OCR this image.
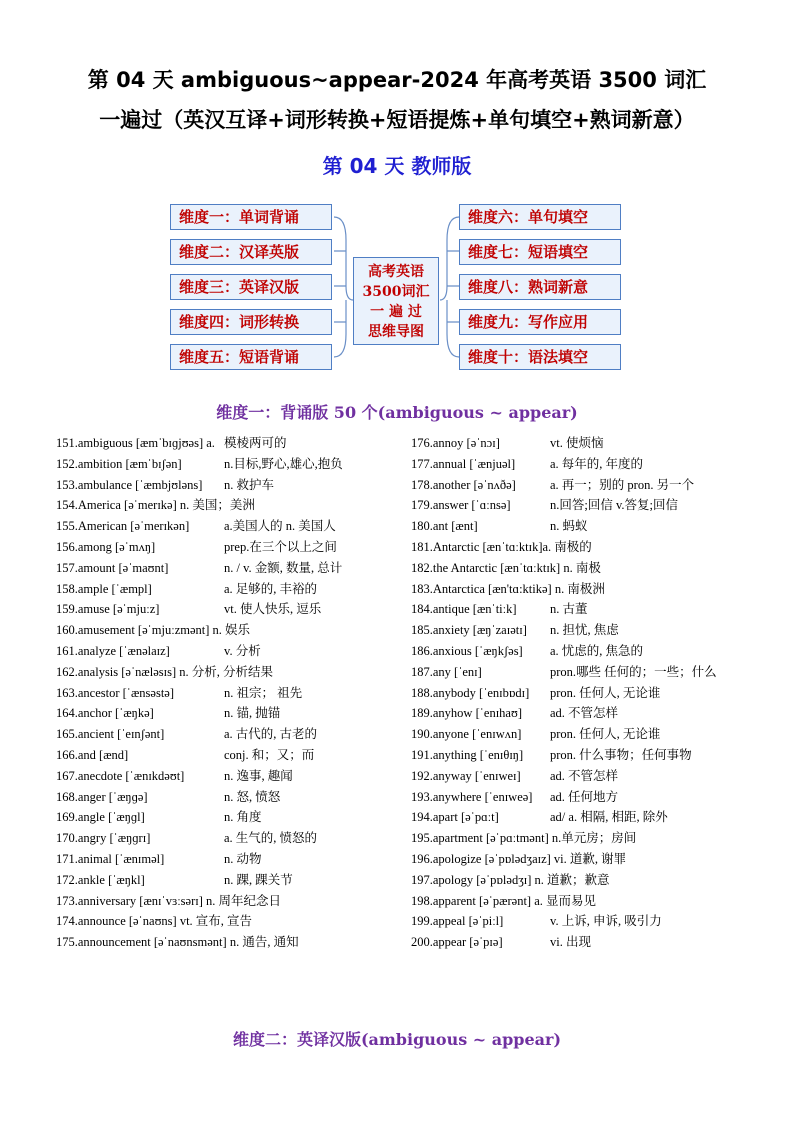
第 04 天 ambiguous~appear-2024 年高考英语 3500 词汇
一遍过（英汉互译+词形转换+短语提炼+单句填空+熟词新意）
第 04 天 教师版
维度一：单词背诵
维度二：汉译英版
维度三：英译汉版
维度四：词形转换
维度五：短语背诵
维度六：单句填空
维度七：短语填空
维度八：熟词新意
维度九：写作应用
维度十：语法填空
高考英语
3500词汇
一 遍 过
思维导图
维度一：背诵版 50 个(ambiguous ~ appear)
151.ambiguous [æmˈbɪɡjʊəs] a. 模棱两可的
152.ambition [æmˈbɪʃən]	n.目标,野心,雄心,抱负
153.ambulance [ˈæmbjʊləns] n. 救护车
154.America [əˈmerɪkə] n. 美国；美洲
155.American [əˈmerɪkən]	a.美国人的 n. 美国人
156.among [əˈmʌŋ]	prep.在三个以上之间
157.amount [əˈmaʊnt]	n. / v. 金额, 数量, 总计
158.ample [ˈæmpl]	a. 足够的, 丰裕的
159.amuse [əˈmjuːz]	vt. 使人快乐, 逗乐
160.amusement [əˈmjuːzmənt] n. 娱乐
161.analyze [ˈænəlaɪz]	v. 分析
162.analysis [əˈnæləsɪs] n. 分析, 分析结果
163.ancestor [ˈænsəstə]	n. 祖宗； 祖先
164.anchor [ˈæŋkə]	n. 锚, 抛锚
165.ancient [ˈeɪnʃənt]	a. 古代的, 古老的
166.and [ænd]	conj. 和；又；而
167.anecdote [ˈænɪkdəʊt]	n. 逸事, 趣闻
168.anger [ˈæŋɡə]	n. 怒, 愤怒
169.angle [ˈæŋɡl]	n. 角度
170.angry [ˈæŋɡrɪ]	a. 生气的, 愤怒的
171.animal [ˈænɪməl]	n. 动物
172.ankle [ˈæŋkl]	n. 踝, 踝关节
173.anniversary [ænɪˈvɜːsərɪ] n. 周年纪念日
174.announce [əˈnaʊns] vt. 宣布, 宣告
175.announcement [əˈnaʊnsmənt] n. 通告, 通知
176.annoy [əˈnɔɪ]	vt. 使烦恼
177.annual [ˈænjuəl]	a. 每年的, 年度的
178.another [əˈnʌðə]	a. 再一；别的 pron. 另一个
179.answer [ˈɑːnsə]	n.回答;回信 v.答复;回信
180.ant [ænt]	n. 蚂蚁
181.Antarctic [ænˈtɑːktɪk]a. 南极的
182.the Antarctic [ænˈtɑːktɪk] n. 南极
183.Antarctica [æn'tɑ:ktikə] n. 南极洲
184.antique [ænˈtiːk]	n. 古董
185.anxiety [æŋˈzaɪətɪ] n. 担忧, 焦虑
186.anxious [ˈæŋkʃəs] a. 忧虑的, 焦急的
187.any [ˈenɪ]	pron.哪些 任何的；一些；什么
188.anybody [ˈenɪbɒdɪ] pron. 任何人, 无论谁
189.anyhow [ˈenɪhaʊ] ad. 不管怎样
190.anyone [ˈenɪwʌn] pron. 任何人, 无论谁
191.anything [ˈenɪθɪŋ] pron. 什么事物；任何事物
192.anyway [ˈenɪweɪ] ad. 不管怎样
193.anywhere [ˈenɪweə] ad. 任何地方
194.apart [əˈpɑːt]	ad/ a. 相隔, 相距, 除外
195.apartment [əˈpɑːtmənt] n.单元房；房间
196.apologize [əˈpɒlədʒaɪz] vi. 道歉, 谢罪
197.apology [əˈpɒlədʒɪ] n. 道歉；歉意
198.apparent [əˈpærənt] a. 显而易见
199.appeal [əˈpiːl]	v. 上诉, 申诉, 吸引力
200.appear [əˈpɪə]	vi. 出现
维度二：英译汉版(ambiguous ~ appear)
